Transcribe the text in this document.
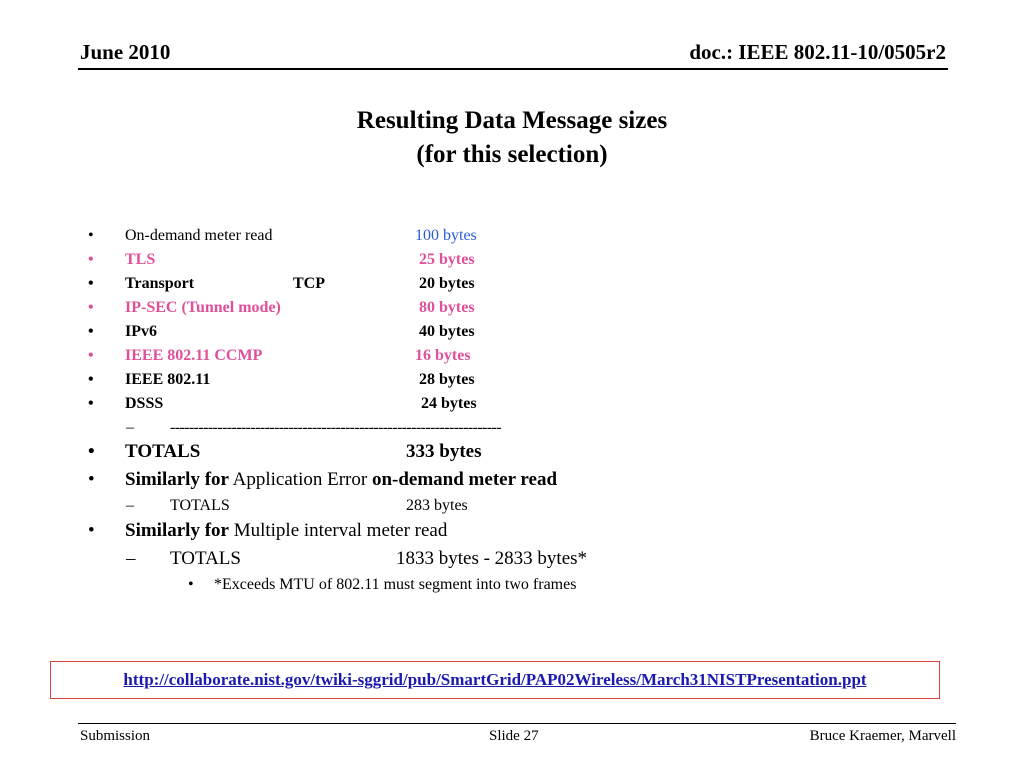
June 2010	doc.: IEEE 802.11-10/0505r2
Resulting Data Message sizes
(for this selection)
• On-demand meter read	100 bytes
• TLS	25 bytes
• Transport	TCP	20 bytes
• IP-SEC (Tunnel mode)	80 bytes
• IPv6	40 bytes
• IEEE 802.11 CCMP	16 bytes
• IEEE 802.11	28 bytes
• DSSS	24 bytes
– ----------------------------------------------------------------------
• TOTALS	333 bytes
• Similarly for Application Error on-demand meter read
– TOTALS	283 bytes
• Similarly for Multiple interval meter read
– TOTALS	1833 bytes - 2833 bytes*
• *Exceeds MTU of 802.11 must segment into two frames
http://collaborate.nist.gov/twiki-sggrid/pub/SmartGrid/PAP02Wireless/March31NISTPresentation.ppt
Submission	Slide 27	Bruce Kraemer, Marvell
